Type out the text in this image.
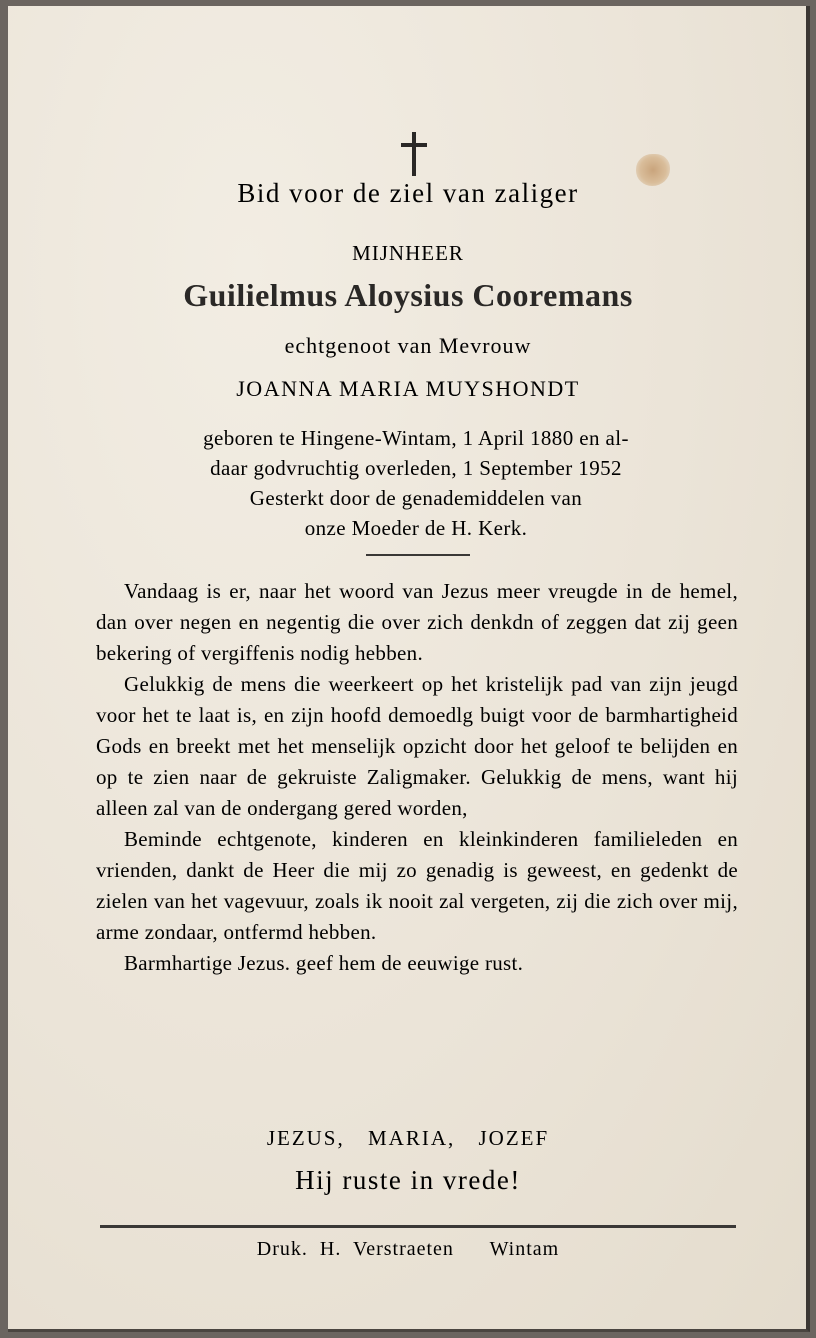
Bid voor de ziel van zaliger
MIJNHEER
Guilielmus Aloysius Cooremans
echtgenoot van Mevrouw
JOANNA MARIA MUYSHONDT
geboren te Hingene-Wintam, 1 April 1880 en al-
daar godvruchtig overleden, 1 September 1952
Gesterkt door de genademiddelen van
onze Moeder de H. Kerk.

Vandaag is er, naar het woord van Jezus meer vreugde in de hemel, dan over negen en negentig die over zich denkdn of zeggen dat zij geen bekering of vergiffenis nodig hebben.

Gelukkig de mens die weerkeert op het kristelijk pad van zijn jeugd voor het te laat is, en zijn hoofd demoedlg buigt voor de barmhartigheid Gods en breekt met het menselijk opzicht door het geloof te belijden en op te zien naar de gekruiste Zaligmaker. Gelukkig de mens, want hij alleen zal van de ondergang gered worden,

Beminde echtgenote, kinderen en kleinkinderen familieleden en vrienden, dankt de Heer die mij zo genadig is geweest, en gedenkt de zielen van het vagevuur, zoals ik nooit zal vergeten, zij die zich over mij, arme zondaar, ontfermd hebben.

Barmhartige Jezus. geef hem de eeuwige rust.

JEZUS, MARIA, JOZEF
Hij ruste in vrede!
Druk. H. Verstraeten   Wintam
